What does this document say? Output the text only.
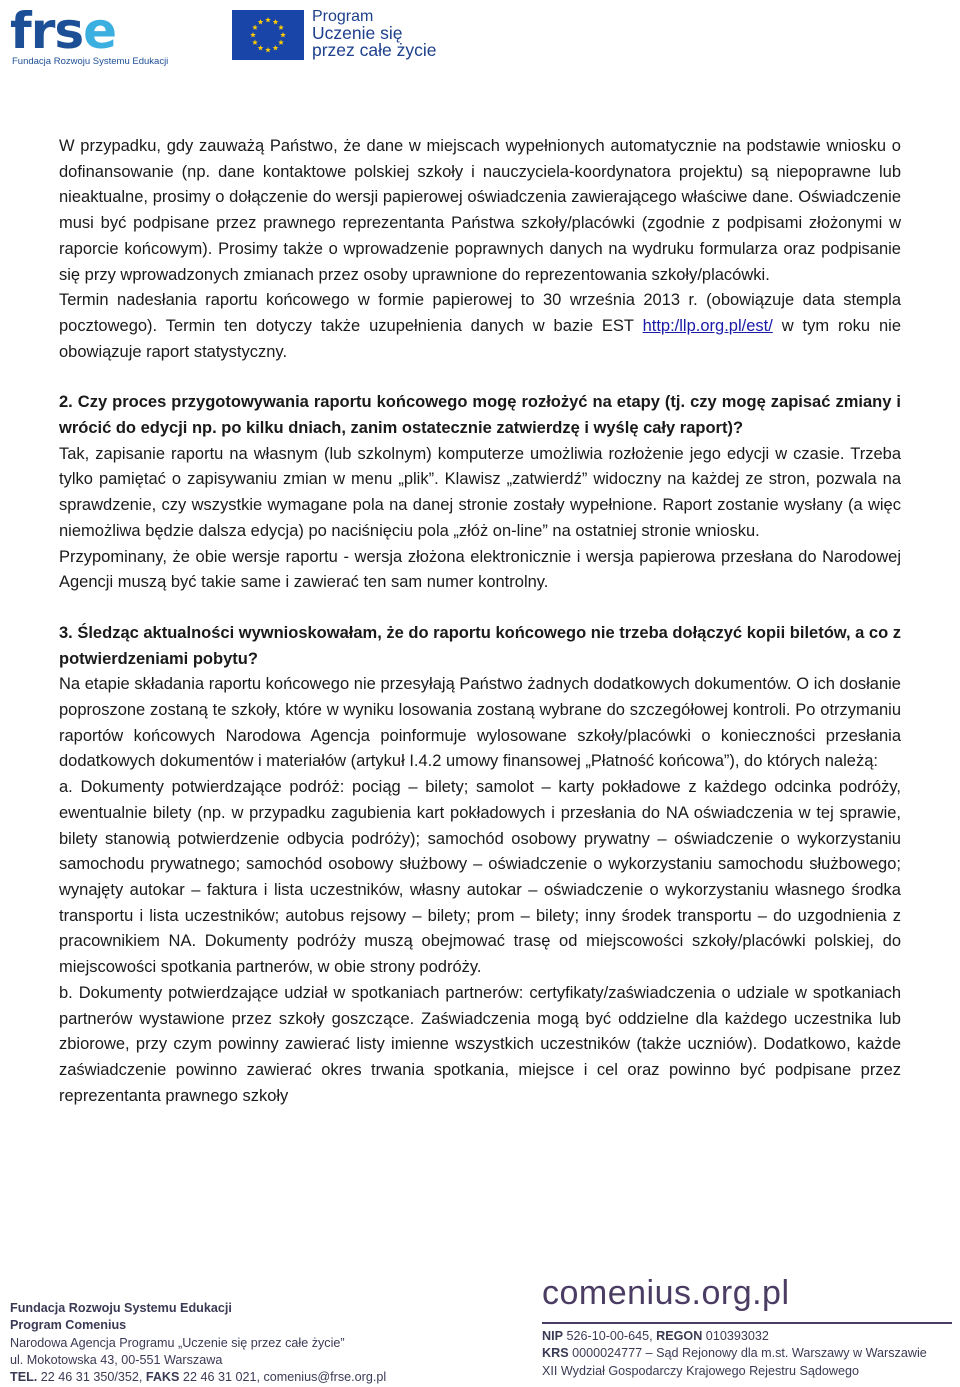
frse
Fundacja Rozwoju Systemu Edukacji
Program
Uczenie się
przez całe życie

W przypadku, gdy zauważą Państwo, że dane w miejscach wypełnionych automatycznie na podstawie wniosku o dofinansowanie (np. dane kontaktowe polskiej szkoły i nauczyciela-koordynatora projektu) są niepoprawne lub nieaktualne, prosimy o dołączenie do wersji papierowej oświadczenia zawierającego właściwe dane. Oświadczenie musi być podpisane przez prawnego reprezentanta Państwa szkoły/placówki (zgodnie z podpisami złożonymi w raporcie końcowym). Prosimy także o wprowadzenie poprawnych danych na wydruku formularza oraz podpisanie się przy wprowadzonych zmianach przez osoby uprawnione do reprezentowania szkoły/placówki.

Termin nadesłania raportu końcowego w formie papierowej to 30 września 2013 r. (obowiązuje data stempla pocztowego). Termin ten dotyczy także uzupełnienia danych w bazie EST http:/llp.org.pl/est/ w tym roku nie obowiązuje raport statystyczny.

2. Czy proces przygotowywania raportu końcowego mogę rozłożyć na etapy (tj. czy mogę zapisać zmiany i wrócić do edycji np. po kilku dniach, zanim ostatecznie zatwierdzę i wyślę cały raport)?

Tak, zapisanie raportu na własnym (lub szkolnym) komputerze umożliwia rozłożenie jego edycji w czasie. Trzeba tylko pamiętać o zapisywaniu zmian w menu „plik”. Klawisz „zatwierdź” widoczny na każdej ze stron, pozwala na sprawdzenie, czy wszystkie wymagane pola na danej stronie zostały wypełnione. Raport zostanie wysłany (a więc niemożliwa będzie dalsza edycja) po naciśnięciu pola „złóż on-line” na ostatniej stronie wniosku.

Przypominany, że obie wersje raportu - wersja złożona elektronicznie i wersja papierowa przesłana do Narodowej Agencji muszą być takie same i zawierać ten sam numer kontrolny.

3. Śledząc aktualności wywnioskowałam, że do raportu końcowego nie trzeba dołączyć kopii biletów, a co z potwierdzeniami pobytu?

Na etapie składania raportu końcowego nie przesyłają Państwo żadnych dodatkowych dokumentów. O ich dosłanie poproszone zostaną te szkoły, które w wyniku losowania zostaną wybrane do szczegółowej kontroli. Po otrzymaniu raportów końcowych Narodowa Agencja poinformuje wylosowane szkoły/placówki o konieczności przesłania dodatkowych dokumentów i materiałów (artykuł I.4.2 umowy finansowej „Płatność końcowa”), do których należą:

a. Dokumenty potwierdzające podróż: pociąg – bilety; samolot – karty pokładowe z każdego odcinka podróży, ewentualnie bilety (np. w przypadku zagubienia kart pokładowych i przesłania do NA oświadczenia w tej sprawie, bilety stanowią potwierdzenie odbycia podróży); samochód osobowy prywatny – oświadczenie o wykorzystaniu samochodu prywatnego; samochód osobowy służbowy – oświadczenie o wykorzystaniu samochodu służbowego; wynajęty autokar – faktura i lista uczestników, własny autokar – oświadczenie o wykorzystaniu własnego środka transportu i lista uczestników; autobus rejsowy – bilety; prom – bilety; inny środek transportu – do uzgodnienia z pracownikiem NA. Dokumenty podróży muszą obejmować trasę od miejscowości szkoły/placówki polskiej, do miejscowości spotkania partnerów, w obie strony podróży.

b. Dokumenty potwierdzające udział w spotkaniach partnerów: certyfikaty/zaświadczenia o udziale w spotkaniach partnerów wystawione przez szkoły goszczące. Zaświadczenia mogą być oddzielne dla każdego uczestnika lub zbiorowe, przy czym powinny zawierać listy imienne wszystkich uczestników (także uczniów). Dodatkowo, każde zaświadczenie powinno zawierać okres trwania spotkania, miejsce i cel oraz powinno być podpisane przez reprezentanta prawnego szkoły

Fundacja Rozwoju Systemu Edukacji
Program Comenius
Narodowa Agencja Programu „Uczenie się przez całe życie”
ul. Mokotowska 43, 00-551 Warszawa
TEL. 22 46 31 350/352, FAKS 22 46 31 021, comenius@frse.org.pl
comenius.org.pl
NIP 526-10-00-645, REGON 010393032
KRS 0000024777 – Sąd Rejonowy dla m.st. Warszawy w Warszawie
XII Wydział Gospodarczy Krajowego Rejestru Sądowego
